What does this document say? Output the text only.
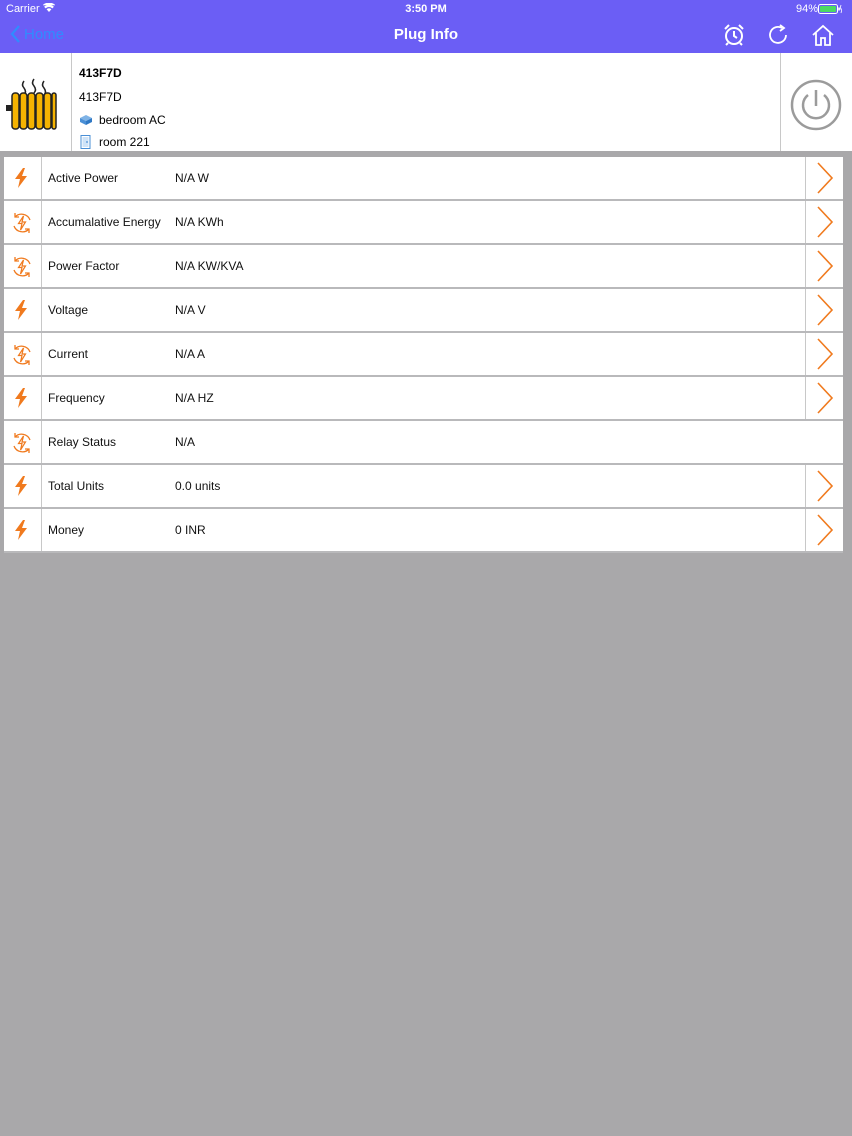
Carrier	3:50 PM	94%
Home	Plug Info
413F7D
413F7D
bedroom AC
room 221
Active Power	N/A W
Accumalative Energy N/A KWh
Power Factor	N/A KW/KVA
Voltage	N/A V
Current	N/A A
Frequency	N/A HZ
Relay Status	N/A
Total Units	0.0 units
Money	0 INR
